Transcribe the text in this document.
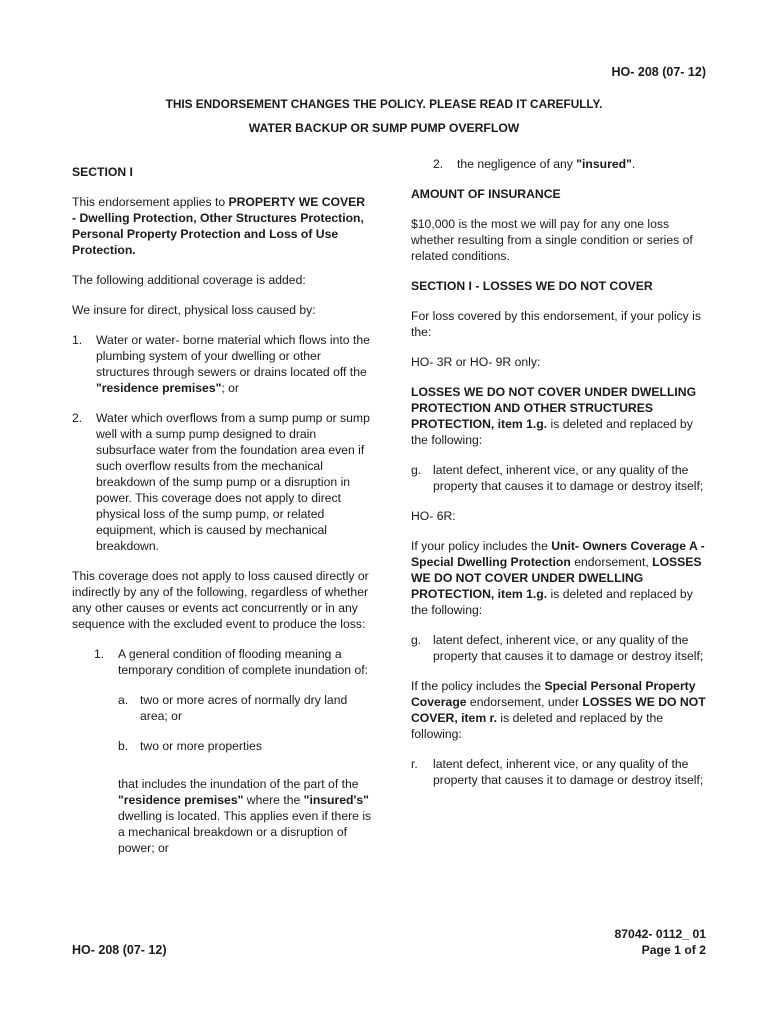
HO- 208 (07- 12)
THIS ENDORSEMENT CHANGES THE POLICY. PLEASE READ IT CAREFULLY.
WATER BACKUP OR SUMP PUMP OVERFLOW

SECTION I

This endorsement applies to PROPERTY WE COVER - Dwelling Protection, Other Structures Protection, Personal Property Protection and Loss of Use Protection.

The following additional coverage is added:

We insure for direct, physical loss caused by:

1.	Water or water- borne material which flows into the plumbing system of your dwelling or other structures through sewers or drains located off the "residence premises"; or
2.	Water which overflows from a sump pump or sump well with a sump pump designed to drain subsurface water from the foundation area even if such overflow results from the mechanical breakdown of the sump pump or a disruption in power. This coverage does not apply to direct physical loss of the sump pump, or related equipment, which is caused by mechanical breakdown.

This coverage does not apply to loss caused directly or indirectly by any of the following, regardless of whether any other causes or events act concurrently or in any sequence with the excluded event to produce the loss:

1.	A general condition of flooding meaning a temporary condition of complete inundation of:
a. two or more acres of normally dry land area; or
b. two or more properties

that includes the inundation of the part of the "residence premises" where the "insured's" dwelling is located. This applies even if there is a mechanical breakdown or a disruption of power; or

2.	the negligence of any "insured".

AMOUNT OF INSURANCE

$10,000 is the most we will pay for any one loss whether resulting from a single condition or series of related conditions.

SECTION I - LOSSES WE DO NOT COVER

For loss covered by this endorsement, if your policy is the:

HO- 3R or HO- 9R only:

LOSSES WE DO NOT COVER UNDER DWELLING PROTECTION AND OTHER STRUCTURES PROTECTION, item 1.g. is deleted and replaced by the following:

g. latent defect, inherent vice, or any quality of the property that causes it to damage or destroy itself;

HO- 6R:

If your policy includes the Unit- Owners Coverage A - Special Dwelling Protection endorsement, LOSSES WE DO NOT COVER UNDER DWELLING PROTECTION, item 1.g. is deleted and replaced by the following:

g. latent defect, inherent vice, or any quality of the property that causes it to damage or destroy itself;

If the policy includes the Special Personal Property Coverage endorsement, under LOSSES WE DO NOT COVER, item r. is deleted and replaced by the following:

r.	latent defect, inherent vice, or any quality of the property that causes it to damage or destroy itself;
HO- 208 (07- 12)
87042- 0112_ 01
Page 1 of 2
